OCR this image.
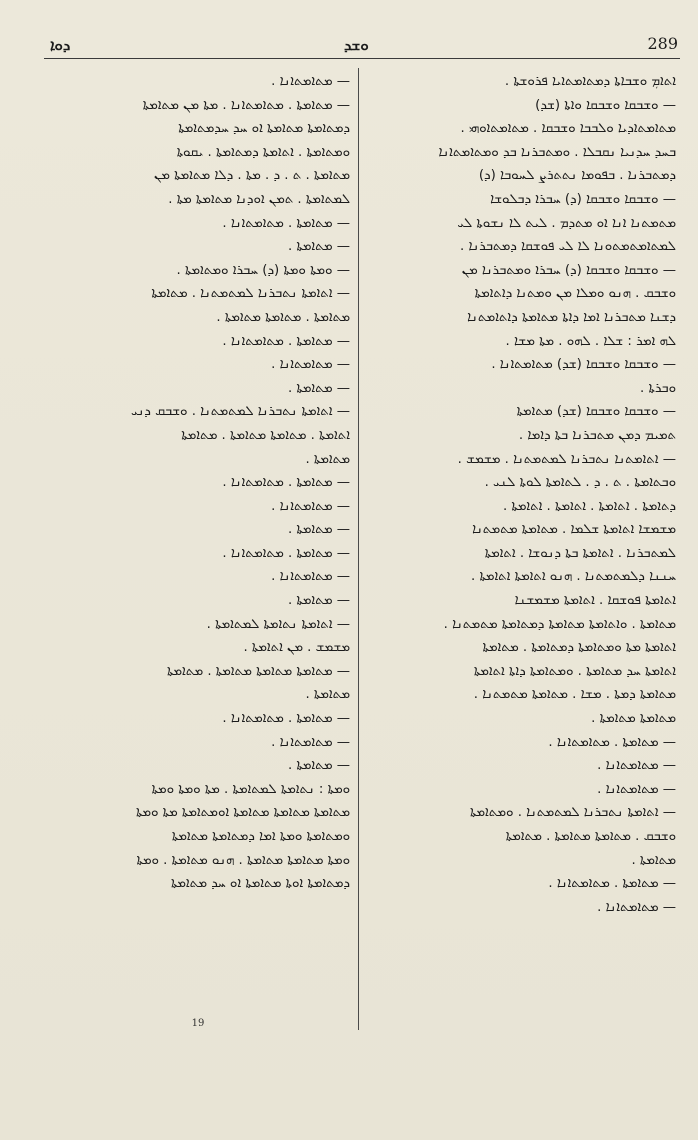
ܕܘܐ	ܘܫܕ	289

ܐܬܐܡܼ ܘܫܒܐܬܐ ܕܡܬܐܡܬܐܝܐ ܦܪܘܫܬܐ .

— ܘܫܒܩܐ ܘܫܒܩܐ ܘܐܬܐ (ܫܕ)

ܡܬܐܡܬܐܕܝܐ ܘܠܒܒܐ ܘܫܒܩܐ . ܡܬܐܡܬܐܘܗܝ .

ܒܚܕ ܚܕܢܝܐ ܢܩܒܠܐ . ܘܡܬܒܪܢܐ ܒܕ ܘܡܬܐܡܬܐܢܐ

ܕܡܬܒܪܢܐ . ܒܦܘܡܐ ܢܬܬܪܨ ܠܚܘܒܐ (ܕ)

— ܘܫܒܩܐ ܘܫܒܩܐ (ܕ) ܚܒܪܐ ܕܒܠܘܫܐ

ܡܬܡܬܢܐ ܐܢܐ ܐܘ ܡܬܕܡ . ܠܝܬ ܠܐ ܢܫܘܬܐ ܠܝ

ܠܡܬܐܡܬܡܬܘܢܐ ܠܐ ܠܝ ܦܘܫܩܐ ܕܡܬܒܪܢܐ .

— ܘܫܒܩܐ ܘܫܒܩܐ (ܕ) ܚܒܪܐ ܘܡܬܒܪܢܐ ܡܢ

ܘܫܒܩ . ܗܢܘ ܘܡܠܐ ܡܢ ܘܡܬܢܐ ܕܐܬܐܡܬܐ

ܕܫܢܐ ܡܬܒܪܢܐ ܐܡܐ ܕܐܬܐ ܡܬܐܡܬܐ ܕܐܬܐܡܬܢܐ

ܠܗ ܐܡܪ : ܫܠܐ . ܠܗܘ . ܡܬܐ ܡܫܐ .

— ܘܫܒܩܐ ܘܫܒܩܐ (ܫܕ) ܡܬܐܡܬܐܢܐ .

ܘܒܪܬܐ .

— ܘܫܒܩܐ ܘܫܒܩܐ (ܫܕ) ܡܬܐܡܬܐ

ܬܡܝܡ ܕܡܢ ܡܬܒܪܢܐ ܒܬܐ ܕܐܡܐ .

— ܐܬܐܡܬܢܐ ܢܬܒܪܢܐ ܠܡܬܡܬܢܐ . ܡܫܡܫ .

ܘܒܬܐܡܬܐ . ܬ . ܕ . ܠܬܐܡܬܐ ܠܘܬܐ ܠܢܝ .

ܕܬܐܡܬܐ . ܐܬܐܡܬܐ . ܐܬܐܡܬܐ . ܐܬܐܡܬܐ .

ܡܫܡܫܐ ܐܬܐܡܬܐ ܫܠܡܐ . ܡܬܐܡܬܐ ܡܬܡܬܢܐ

ܠܡܬܒܪܢܐ . ܐܬܐܡܬܐ ܒܬܐ ܕܢܘܫܐ . ܐܬܐܡܬܐ

ܚܢܢܐ ܕܠܡܬܡܬܢܐ . ܗܢܘ ܐܬܐܡܬܐ ܐܬܐܡܬܐ .

ܐܬܐܡܬܐ ܦܘܫܩܐ . ܐܬܐܡܬܐ ܡܫܡܫܢܐ

ܡܬܐܡܬܐ . ܘܐܬܐܡܬܐ ܡܬܐܡܬܐ ܕܡܬܐܡܬܐ ܡܬܡܬܢܐ .

ܐܬܐܡܬܐ ܡܬܐ ܘܡܬܐܡܬܐ ܕܡܬܐܡܬܐ . ܡܬܐܡܬܐ

ܐܬܐܡܬܐ ܚܕ ܡܬܐܡܬܐ . ܘܡܬܐܡܬܐ ܕܐܬܐ ܐܬܐܡܬܐ

ܡܬܐܡܬܐ ܕܡܬܐ . ܡܫܐ . ܡܬܐܡܬܐ ܡܬܡܬܢܐ .

ܡܬܐܡܬܐ ܡܬܐܡܬܐ .

— ܡܬܐܡܬܐ . ܡܬܐܡܬܐܢܐ .

— ܡܬܐܡܬܐܢܐ .

— ܡܬܐܡܬܐܢܐ .

— ܐܬܐܡܬܐ ܢܬܒܪܢܐ ܠܡܬܡܬܢܐ . ܘܡܬܐܡܬܐ

ܘܫܒܩ . ܡܬܐܡܬܐ ܡܬܐܡܬܐ . ܡܬܐܡܬܐ

ܡܬܐܡܬܐ .

— ܡܬܐܡܬܐ . ܡܬܐܡܬܐܢܐ .

— ܡܬܐܡܬܐܢܐ .

— ܡܬܐܡܬܐܢܐ .

— ܡܬܐܡܬܐ . ܡܬܐܡܬܐܢܐ . ܡܬܐ ܡܢ ܡܬܐܡܬܐ

ܕܡܬܐܡܬܐ ܡܬܐܡܬܐ ܐܘ ܚܕ ܚܕܡܬܐܡܬܐ

ܘܡܬܐܡܬܐ . ܐܬܐܡܬܐ ܕܡܬܐܡܬܐ . ܝܩܘܬܐ

ܡܬܐܡܬܐ . ܬ . ܕ . ܡܬܐ . ܕܠܐ ܡܬܐܡܬܐ ܡܢ

ܠܡܬܐܡܬܐ . ܬܡܢ ܐܘܕܢܐ ܡܬܐܡܬܐ ܡܬܐ .

— ܡܬܐܡܬܐ . ܡܬܐܡܬܐܢܐ .

— ܡܬܐܡܬܐ .

— ܘܡܬܐ ܘܡܬܐ (ܕ) ܚܒܪܐ ܘܡܬܐܡܬܐ .

— ܐܬܐܡܬܐ ܢܬܒܪܢܐ ܠܡܬܡܬܢܐ . ܡܬܐܡܬܐ

ܡܬܐܡܬܐ . ܡܬܐܡܬܐ ܡܬܐܡܬܐ .

— ܡܬܐܡܬܐ . ܡܬܐܡܬܐܢܐ .

— ܡܬܐܡܬܐܢܐ .

— ܡܬܐܡܬܐ .

— ܐܬܐܡܬܐ ܢܬܒܪܢܐ ܠܡܬܡܬܢܐ . ܘܫܒܩ ܕܢܝ

ܐܬܐܡܬܐ . ܡܬܐܡܬܐ ܡܬܐܡܬܐ . ܡܬܐܡܬܐ

ܡܬܐܡܬܐ .

— ܡܬܐܡܬܐ . ܡܬܐܡܬܐܢܐ .

— ܡܬܐܡܬܐܢܐ .

— ܡܬܐܡܬܐ .

— ܡܬܐܡܬܐ . ܡܬܐܡܬܐܢܐ .

— ܡܬܐܡܬܐܢܐ .

— ܡܬܐܡܬܐ .

— ܐܬܐܡܬܐ ܢܬܐܡܬܐ ܠܡܬܐܡܬܐ .

ܡܫܡܫ . ܡܢ ܐܬܐܡܬܐ .

— ܡܬܐܡܬܐ ܡܬܐܡܬܐ ܡܬܐܡܬܐ . ܡܬܐܡܬܐ

ܡܬܐܡܬܐ .

— ܡܬܐܡܬܐ . ܡܬܐܡܬܐܢܐ .

— ܡܬܐܡܬܐܢܐ .

— ܡܬܐܡܬܐ .

ܘܡܬܐ : ܢܬܐܡܬܐ ܠܡܬܐܡܬܐ . ܡܬܐ ܘܡܬܐ ܘܡܬܐ

ܡܬܐܡܬܐ ܡܬܐܡܬܐ ܡܬܐܡܬܐ ܐܘܡܬܐܡܬܐ ܡܬܐ ܘܡܬܐ

ܘܡܬܐܡܬܐ ܘܡܬܐ ܐܡܐ ܕܡܬܐܡܬܐ ܡܬܐܡܬܐ

ܘܡܬܐ ܡܬܐܡܬܐ ܡܬܐܡܬܐ . ܗܢܘ ܡܬܐܡܬܐ . ܘܡܬܐ

ܕܡܬܐܡܬܐ ܐܘܬܐ ܡܬܐܡܬܐ ܐܘ ܚܕ ܡܬܐܡܬܐ

19
